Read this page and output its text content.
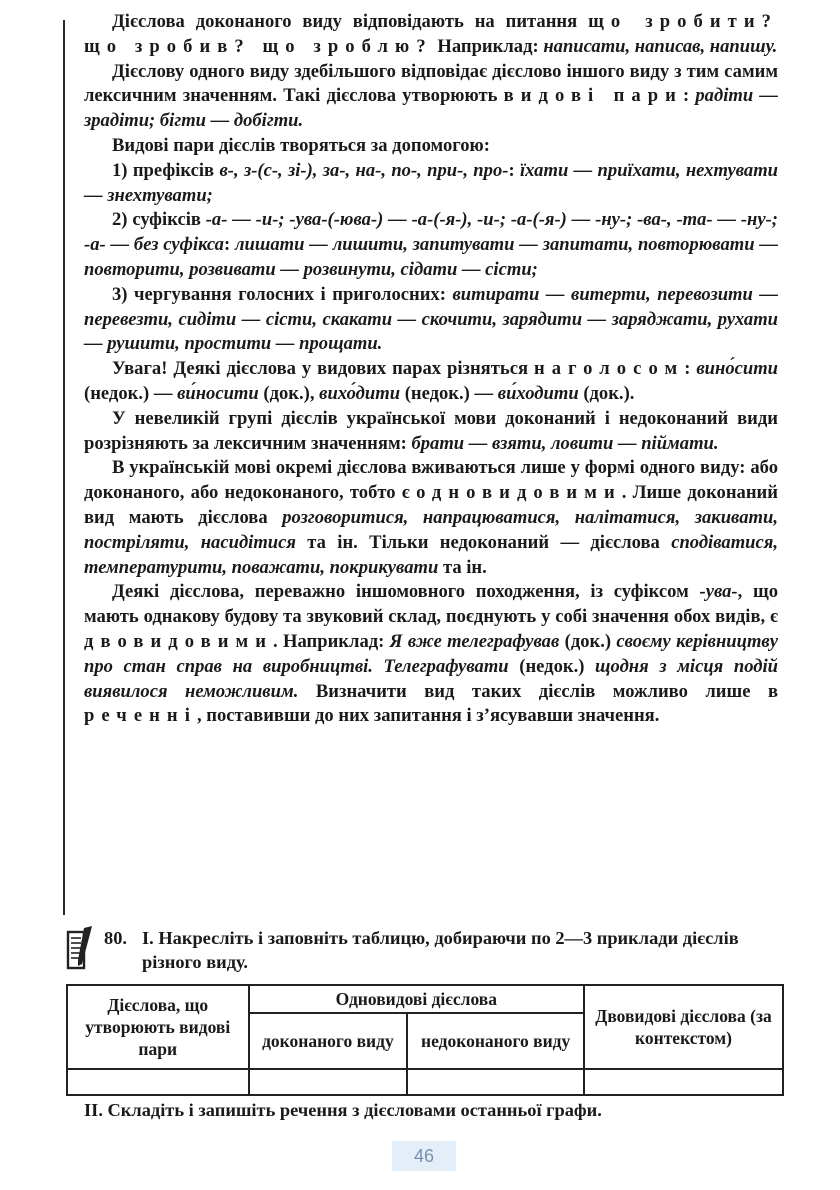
Дієслова доконаного виду відповідають на питання що зробити? що зробив? що зроблю? Наприклад: написати, написав, напишу.

Дієслову одного виду здебільшого відповідає дієслово іншого виду з тим самим лексичним значенням. Такі дієслова утворюють видові пари: радіти — зрадіти; бігти — добігти.

Видові пари дієслів творяться за допомогою:

1) префіксів в-, з-(с-, зі-), за-, на-, по-, при-, про-: їхати — приїхати, нехтувати — знехтувати;

2) суфіксів -а- — -и-; -ува-(-юва-) — -а-(-я-), -и-; -а-(-я-) — -ну-; -ва-, -та- — -ну-; -а- — без суфікса: лишати — лишити, запитувати — запитати, повторювати — повторити, розвивати — розвинути, сідати — сісти;

3) чергування голосних і приголосних: витирати — витерти, перевозити — перевезти, сидіти — сісти, скакати — скочити, зарядити — заряджати, рухати — рушити, простити — прощати.

Увага! Деякі дієслова у видових парах різняться наголосом: вино́сити (недок.) — ви́носити (док.), вихо́дити (недок.) — ви́ходити (док.).

У невеликій групі дієслів української мови доконаний і недоконаний види розрізняють за лексичним значенням: брати — взяти, ловити — піймати.

В українській мові окремі дієслова вживаються лише у формі одного виду: або доконаного, або недоконаного, тобто є одновидовими. Лише доконаний вид мають дієслова розговоритися, напрацюватися, налітатися, закивати, постріляти, насидітися та ін. Тільки недоконаний — дієслова сподіватися, температурити, поважати, покрикувати та ін.

Деякі дієслова, переважно іншомовного походження, із суфіксом -ува-, що мають однакову будову та звуковий склад, поєднують у собі значення обох видів, є двовидовими. Наприклад: Я вже телеграфував (док.) своєму керівництву про стан справ на виробництві. Телеграфувати (недок.) щодня з місця подій виявилося неможливим. Визначити вид таких дієслів можливо лише в реченні, поставивши до них запитання і з’ясувавши значення.

80. І. Накресліть і заповніть таблицю, добираючи по 2—3 приклади дієслів різного виду.
Дієслова, що утворюють видові пари	Одновидові дієслова		Двовидові дієслова (за контекстом)
	доконаного виду	недоконаного виду	

ІІ. Складіть і запишіть речення з дієсловами останньої графи.
46
